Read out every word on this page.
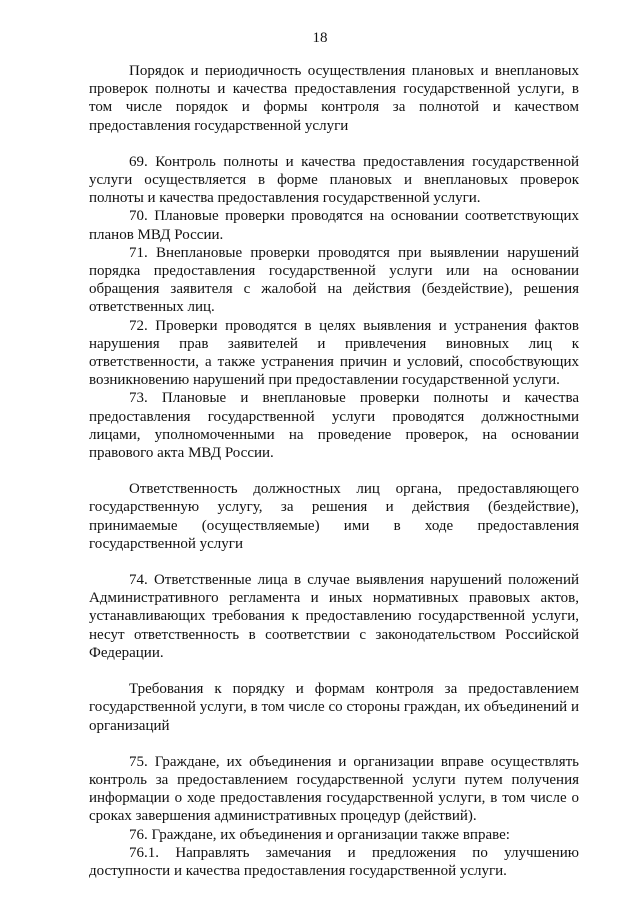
18

Порядок и периодичность осуществления плановых и внеплановых проверок полноты и качества предоставления государственной услуги, в том числе порядок и формы контроля за полнотой и качеством предоставления государственной услуги

69. Контроль полноты и качества предоставления государственной услуги осуществляется в форме плановых и внеплановых проверок полноты и качества предоставления государственной услуги.

70. Плановые проверки проводятся на основании соответствующих планов МВД России.

71. Внеплановые проверки проводятся при выявлении нарушений порядка предоставления государственной услуги или на основании обращения заявителя с жалобой на действия (бездействие), решения ответственных лиц.

72. Проверки проводятся в целях выявления и устранения фактов нарушения прав заявителей и привлечения виновных лиц к ответственности, а также устранения причин и условий, способствующих возникновению нарушений при предоставлении государственной услуги.

73. Плановые и внеплановые проверки полноты и качества предоставления государственной услуги проводятся должностными лицами, уполномоченными на проведение проверок, на основании правового акта МВД России.

Ответственность должностных лиц органа, предоставляющего государственную услугу, за решения и действия (бездействие), принимаемые (осуществляемые) ими в ходе предоставления государственной услуги

74. Ответственные лица в случае выявления нарушений положений Административного регламента и иных нормативных правовых актов, устанавливающих требования к предоставлению государственной услуги, несут ответственность в соответствии с законодательством Российской Федерации.

Требования к порядку и формам контроля за предоставлением государственной услуги, в том числе со стороны граждан, их объединений и организаций

75. Граждане, их объединения и организации вправе осуществлять контроль за предоставлением государственной услуги путем получения информации о ходе предоставления государственной услуги, в том числе о сроках завершения административных процедур (действий).

76. Граждане, их объединения и организации также вправе:

76.1. Направлять замечания и предложения по улучшению доступности и качества предоставления государственной услуги.
